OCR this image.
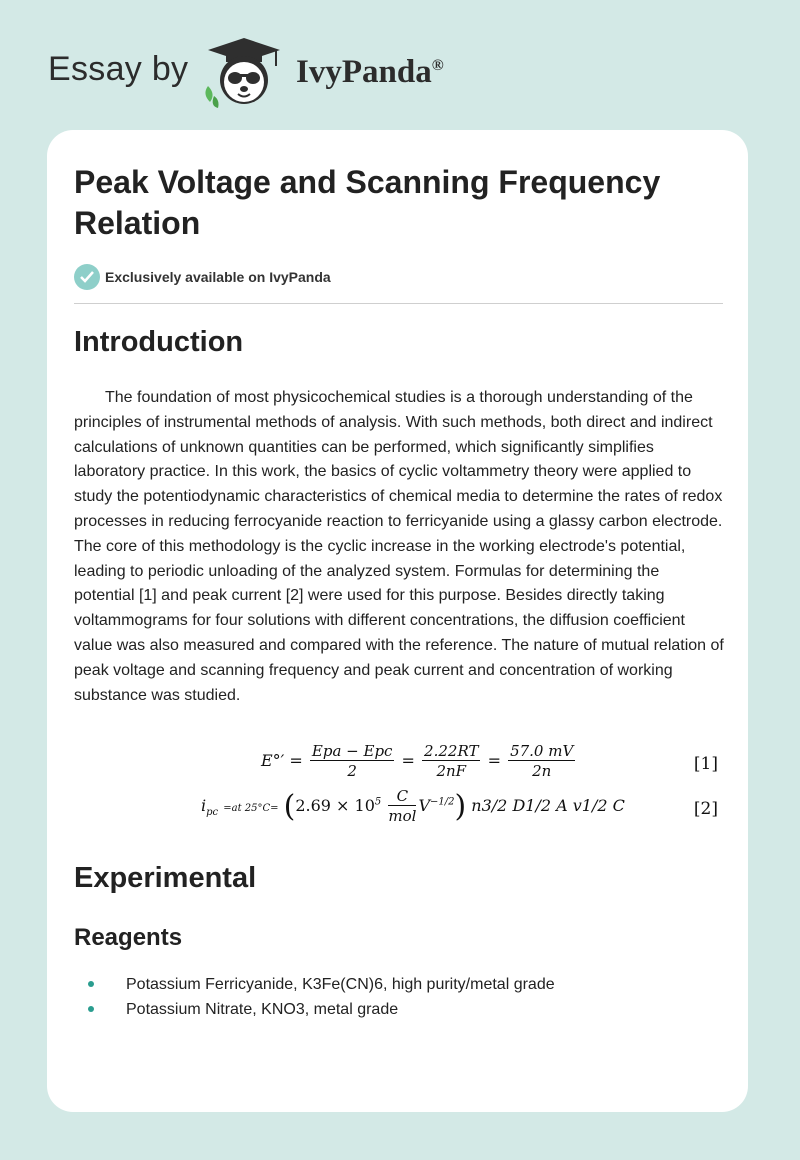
Essay by	IvyPanda®
Peak Voltage and Scanning Frequency Relation
Exclusively available on IvyPanda
Introduction

The foundation of most physicochemical studies is a thorough understanding of the principles of instrumental methods of analysis. With such methods, both direct and indirect calculations of unknown quantities can be performed, which significantly simplifies laboratory practice. In this work, the basics of cyclic voltammetry theory were applied to study the potentiodynamic characteristics of chemical media to determine the rates of redox processes in reducing ferrocyanide reaction to ferricyanide using a glassy carbon electrode. The core of this methodology is the cyclic increase in the working electrode's potential, leading to periodic unloading of the analyzed system. Formulas for determining the potential [1] and peak current [2] were used for this purpose. Besides directly taking voltammograms for four solutions with different concentrations, the diffusion coefficient value was also measured and compared with the reference. The nature of mutual relation of peak voltage and scanning frequency and peak current and concentration of working substance was studied.

$E^\circ' = \frac{\text{Epa − Epc}}{2} = \frac{2.22RT}{2nF} = \frac{57.0 mV}{2n}$	[1]
$i_{pc} =at$ $25^\circ C= (2.69 \times 10^5 \frac{C}{\text{mol}} V^{-1/2})$ n3/2 D1/2 A v1/2 C	[2]
Experimental
Reagents
Potassium Ferricyanide, K3Fe(CN)6, high purity/metal grade
Potassium Nitrate, KNO3, metal grade
